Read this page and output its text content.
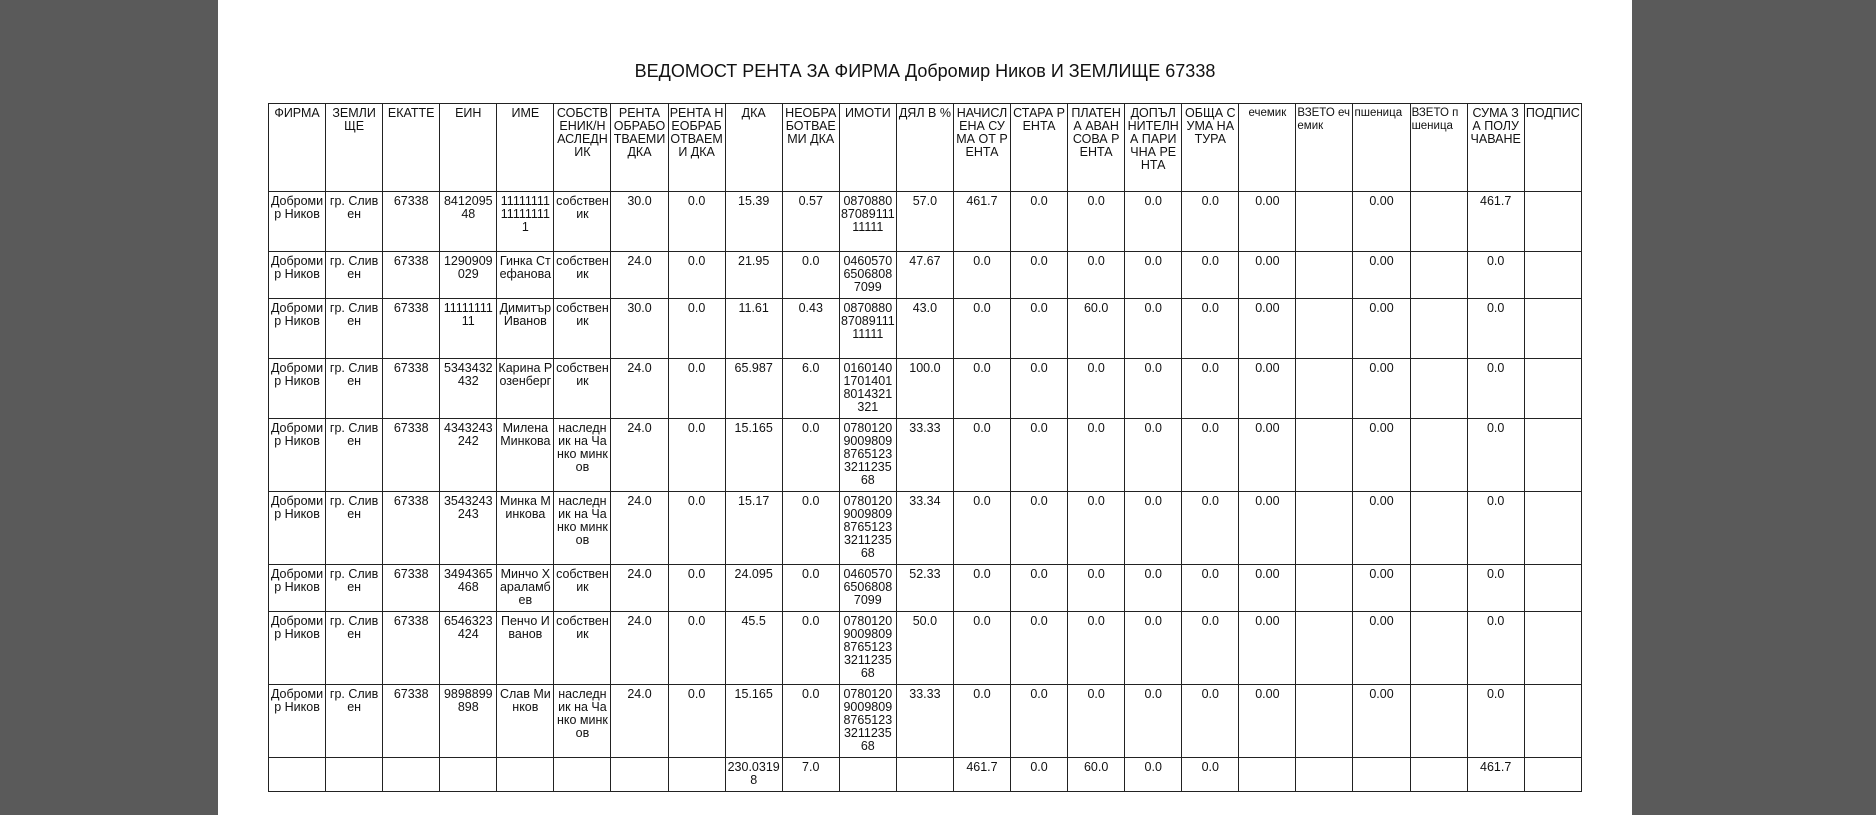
ВЕДОМОСТ РЕНТА ЗА ФИРМА Добромир Ников И ЗЕМЛИЩЕ 67338
ФИРМА	ЗЕМЛИЩЕ	ЕКАТТЕ	ЕИН	ИМЕ	СОБСТВЕНИК/НАСЛЕДНИК	РЕНТА ОБРАБОТВАЕМИ ДКА	РЕНТА НЕОБРАБОТВАЕМИ ДКА	ДКА	НЕОБРАБОТВАЕМИ ДКА	ИМОТИ	ДЯЛ В %	НАЧИСЛЕНА СУМА ОТ РЕНТА	СТАРА РЕНТА	ПЛАТЕНА АВАНСОВА РЕНТА	ДОПЪЛНИТЕЛНА ПАРИЧНА РЕНТА	ОБЩА СУМА НАТУРА	ечемик	ВЗЕТО ечемик	пшеница	ВЗЕТО пшеница	СУМА ЗА ПОЛУЧАВАНЕ	ПОДПИС
Добромир Ников	гр. Сливен	67338	841209548	11111111111111111	собственик	30.0	0.0	15.39	0.57	08708808708911111111	57.0	461.7	0.0	0.0	0.0	0.0	0.00		0.00		461.7	
Добромир Ников	гр. Сливен	67338	1290909029	Гинка Стефанова	собственик	24.0	0.0	21.95	0.0	046057065068087099	47.67	0.0	0.0	0.0	0.0	0.0	0.00		0.00		0.0	
Добромир Ников	гр. Сливен	67338	1111111111	Димитър Иванов	собственик	30.0	0.0	11.61	0.43	08708808708911111111	43.0	0.0	0.0	60.0	0.0	0.0	0.00		0.00		0.0	
Добромир Ников	гр. Сливен	67338	5343432432	Карина Розенберг	собственик	24.0	0.0	65.987	6.0	016014017014018014321321	100.0	0.0	0.0	0.0	0.0	0.0	0.00		0.00		0.0	
Добромир Ников	гр. Сливен	67338	4343243242	Милена Минкова	наследник на Чанко минков	24.0	0.0	15.165	0.0	078012090098098765123321123568	33.33	0.0	0.0	0.0	0.0	0.0	0.00		0.00		0.0	
Добромир Ников	гр. Сливен	67338	3543243243	Минка Минкова	наследник на Чанко минков	24.0	0.0	15.17	0.0	078012090098098765123321123568	33.34	0.0	0.0	0.0	0.0	0.0	0.00		0.00		0.0	
Добромир Ников	гр. Сливен	67338	3494365468	Минчо Хараламбев	собственик	24.0	0.0	24.095	0.0	046057065068087099	52.33	0.0	0.0	0.0	0.0	0.0	0.00		0.00		0.0	
Добромир Ников	гр. Сливен	67338	6546323424	Пенчо Иванов	собственик	24.0	0.0	45.5	0.0	078012090098098765123321123568	50.0	0.0	0.0	0.0	0.0	0.0	0.00		0.00		0.0	
Добромир Ников	гр. Сливен	67338	9898899898	Слав Минков	наследник на Чанко минков	24.0	0.0	15.165	0.0	078012090098098765123321123568	33.33	0.0	0.0	0.0	0.0	0.0	0.00		0.00		0.0	
								230.03198	7.0			461.7	0.0	60.0	0.0	0.0					461.7	
